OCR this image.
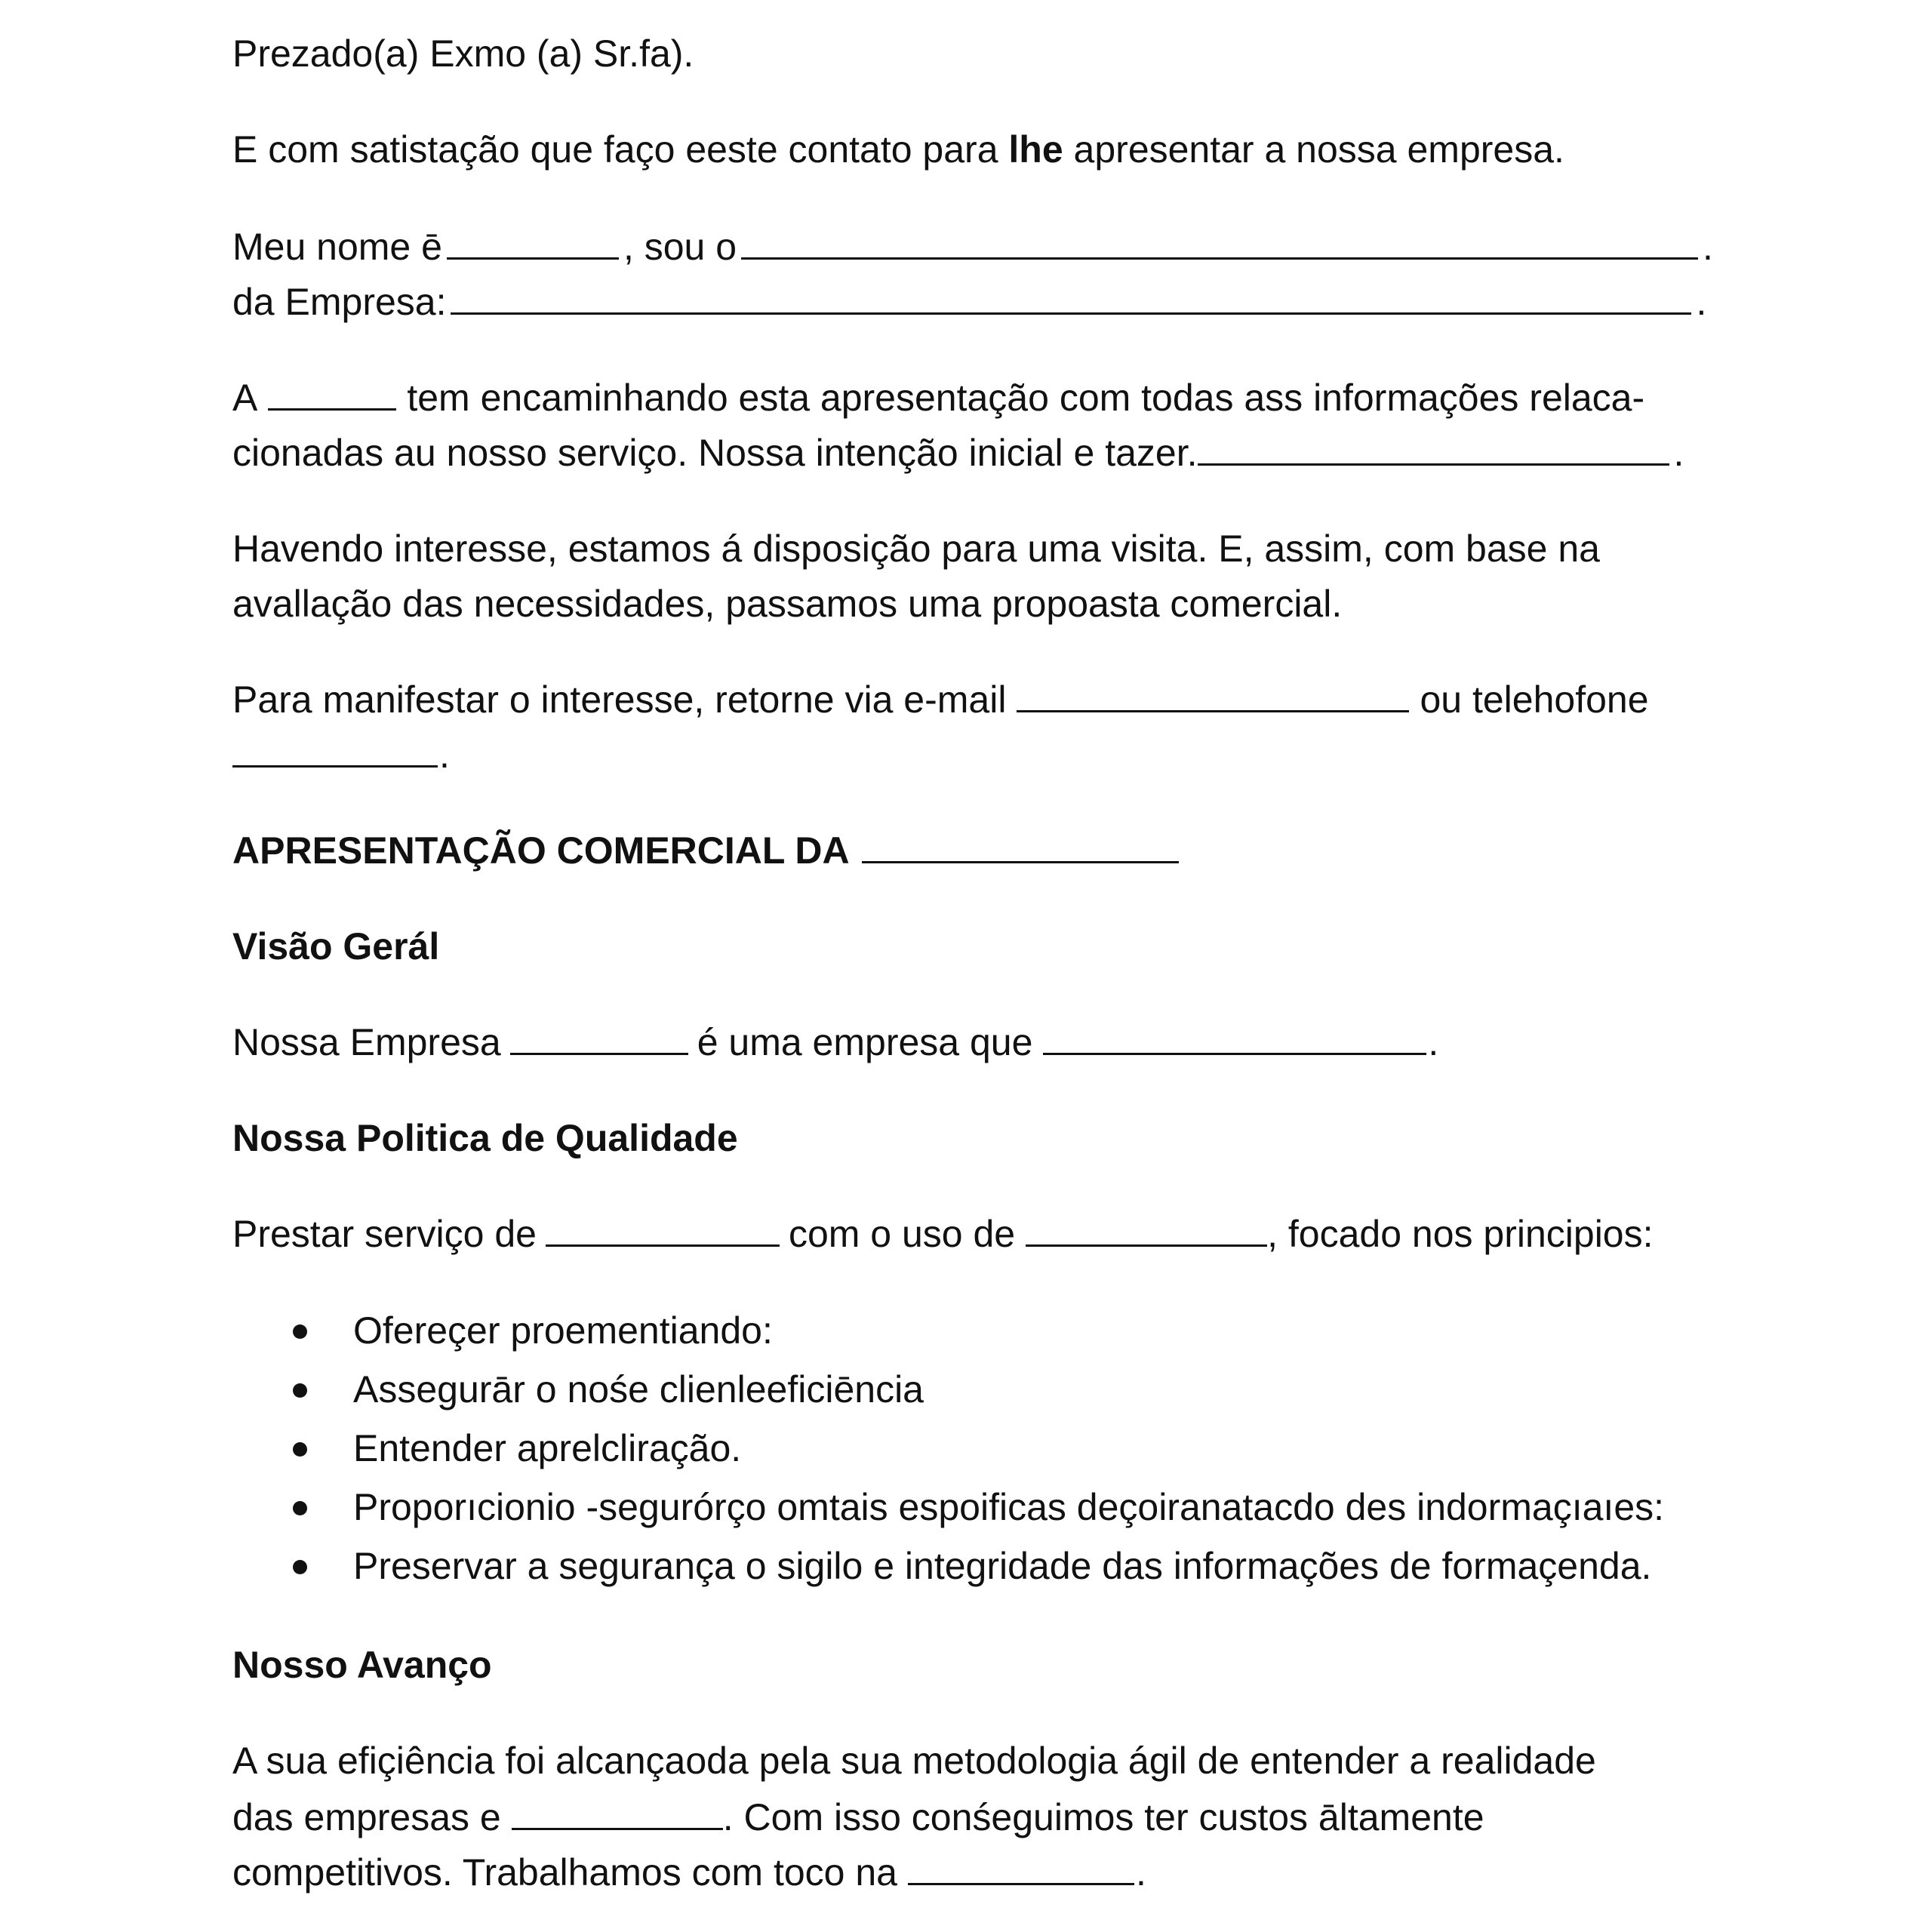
Prezado(a) Exmo (a) Sr.fa).
E com satistação que faço eeste contato para lhe apresentar a nossa empresa.
Meu nome ē	, sou o	.
da Empresa:	.
A	tem encaminhando esta apresentação com todas ass informações relaca-
cionadas au nosso serviço. Nossa intenção inicial e tazer.	.
Havendo interesse, estamos á disposição para uma visita. E, assim, com base na
avallação das necessidades, passamos uma propoasta comercial.
Para manifestar o interesse, retorne via e-mail	ou telehofone
.
APRESENTAÇÃO COMERCIAL DA
Visão Gerál
Nossa Empresa	é uma empresa que	.
Nossa Politica de Qualidade
Prestar serviço de	com o uso de	, focado nos principios:
Ofereçer proementiando:
Assegurār o nośe clienleeficiēncia
Entender aprelcliração.
Proporıcionio -segurórço omtais espoificas deçoiranatacdo des indormaçıaıes:
Preservar a segurança o sigilo e integridade das informações de formaçenda.
Nosso Avanço
A sua efiçiência foi alcançaoda pela sua metodologia ágil de entender a realidade
das empresas e	. Com isso conśeguimos ter custos āltamente
competitivos. Trabalhamos com toco na	.
